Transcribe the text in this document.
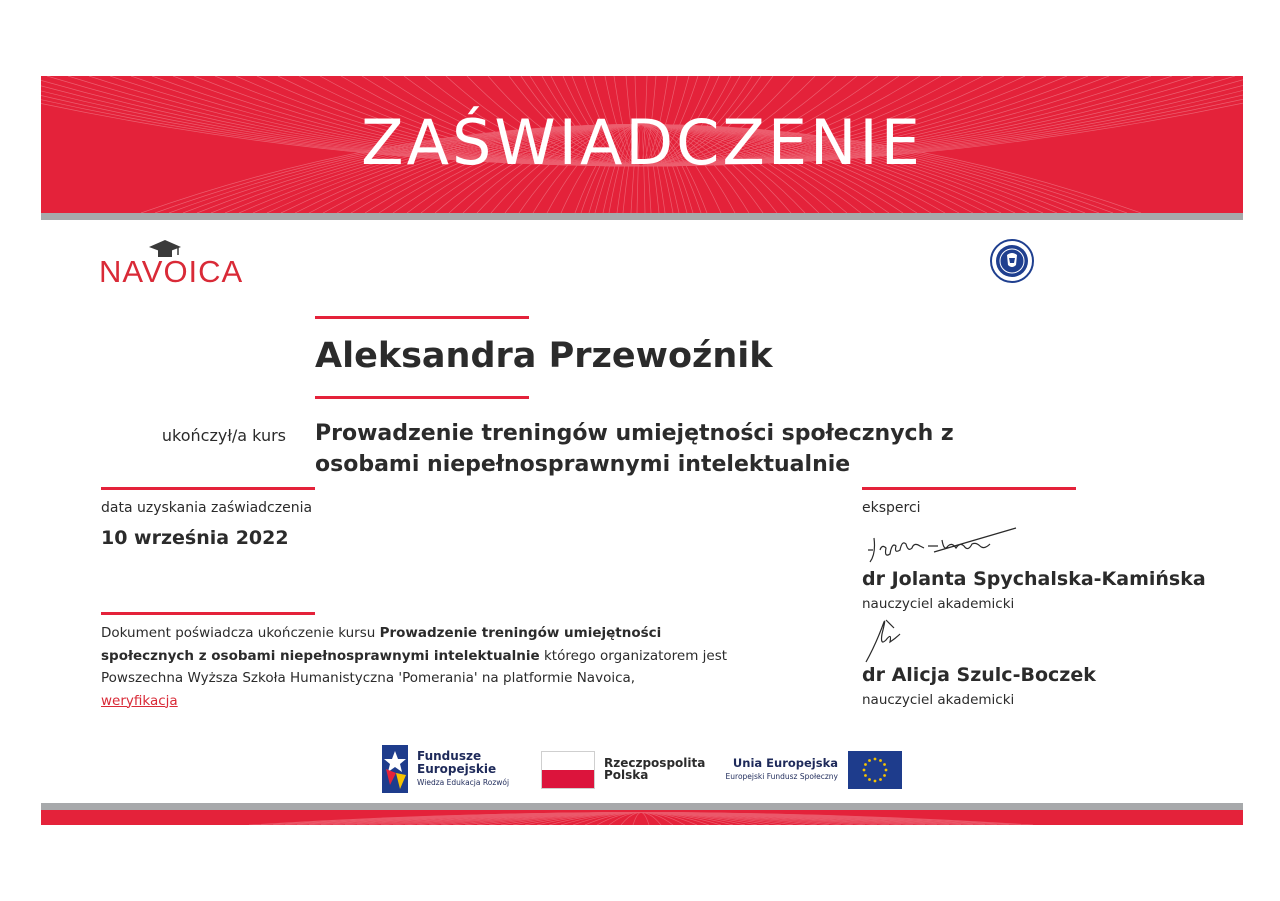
ZAŚWIADCZENIE
NAVOICA
Aleksandra Przewoźnik
ukończył/a kurs Prowadzenie treningów umiejętności społecznych z osobami niepełnosprawnymi intelektualnie
data uzyskania zaświadczenia
10 września 2022
Dokument poświadcza ukończenie kursu Prowadzenie treningów umiejętności społecznych z osobami niepełnosprawnymi intelektualnie którego organizatorem jest Powszechna Wyższa Szkoła Humanistyczna 'Pomerania' na platformie Navoica,
weryfikacja
eksperci
dr Jolanta Spychalska-Kamińska
nauczyciel akademicki
dr Alicja Szulc-Boczek
nauczyciel akademicki
Fundusze Europejskie
Wiedza Edukacja Rozwój
Rzeczpospolita Polska
Unia Europejska
Europejski Fundusz Społeczny
